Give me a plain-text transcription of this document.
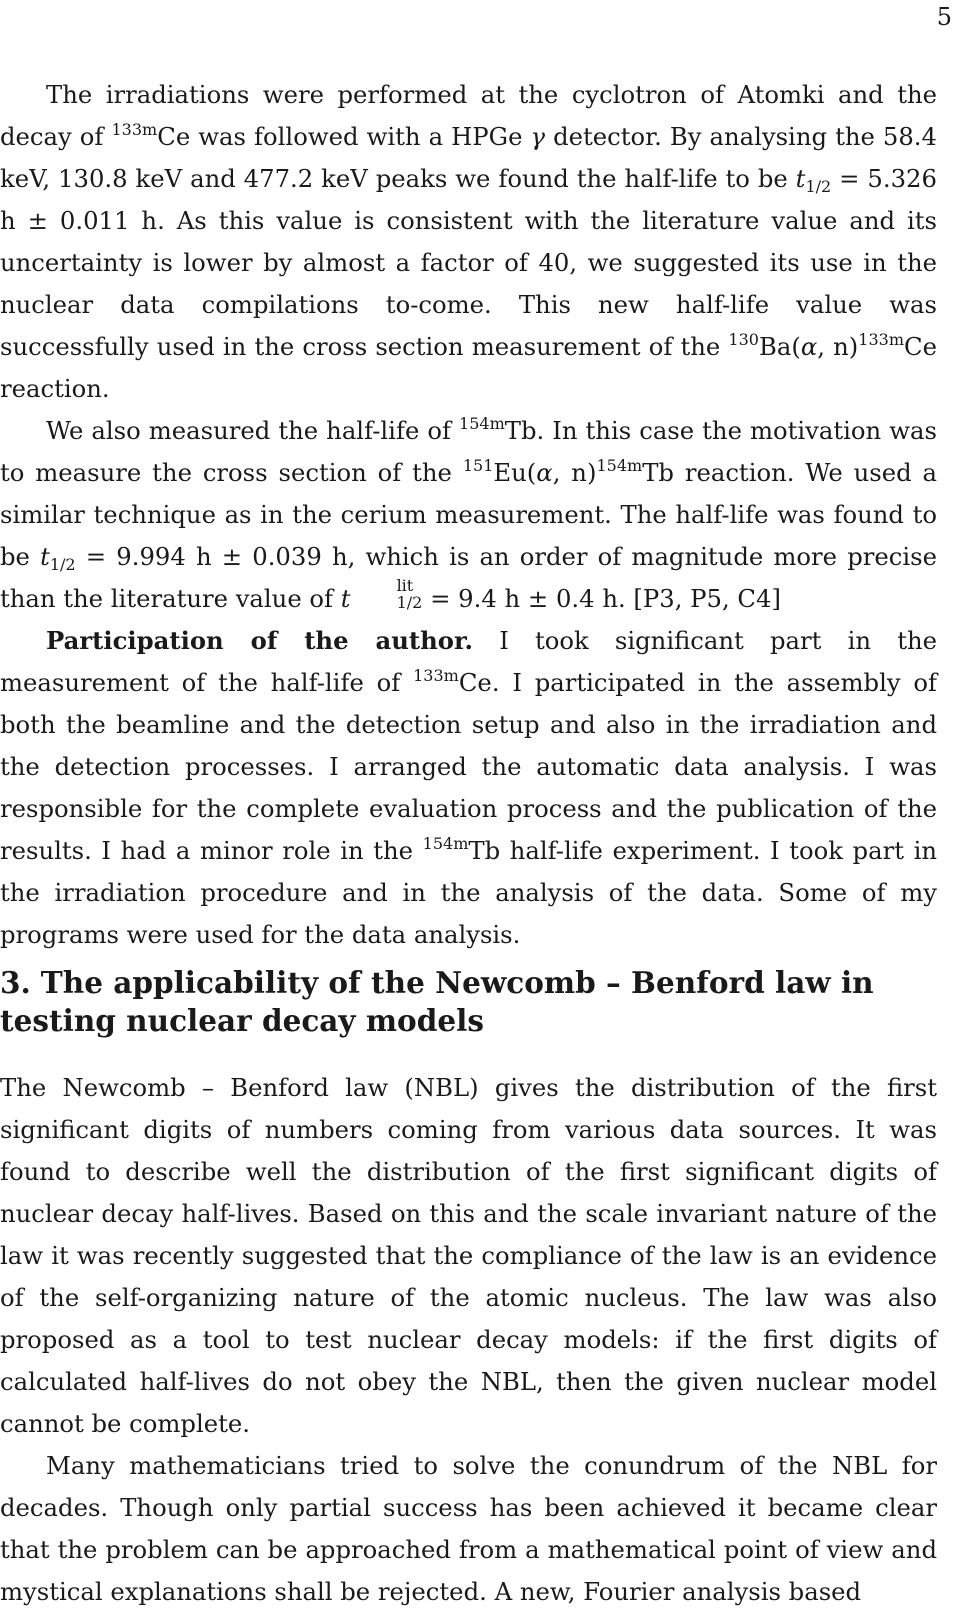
5

The irradiations were performed at the cyclotron of Atomki and the decay of $^{133m}$Ce was followed with a HPGe γ detector. By analysing the 58.4 keV, 130.8 keV and 477.2 keV peaks we found the half-life to be $t_{1/2} = 5.326$ h ± 0.011 h. As this value is consistent with the literature value and its uncertainty is lower by almost a factor of 40, we suggested its use in the nuclear data compilations to-come. This new half-life value was successfully used in the cross section measurement of the $^{130}$Ba(α, n)$^{133m}$Ce reaction.

We also measured the half-life of $^{154m}$Tb. In this case the motivation was to measure the cross section of the $^{151}$Eu(α, n)$^{154m}$Tb reaction. We used a similar technique as in the cerium measurement. The half-life was found to be $t_{1/2} = 9.994$ h ± 0.039 h, which is an order of magnitude more precise than the literature value of t	lit
1/2 = 9.4 h ± 0.4 h. [P3, P5, C4]

Participation of the author. I took significant part in the measurement of the half-life of $^{133m}$Ce. I participated in the assembly of both the beamline and the detection setup and also in the irradiation and the detection processes. I arranged the automatic data analysis. I was responsible for the complete evaluation process and the publication of the results. I had a minor role in the $^{154m}$Tb half-life experiment. I took part in the irradiation procedure and in the analysis of the data. Some of my programs were used for the data analysis.

3. The applicability of the Newcomb – Benford law in testing nuclear decay models

The Newcomb – Benford law (NBL) gives the distribution of the first significant digits of numbers coming from various data sources. It was found to describe well the distribution of the first significant digits of nuclear decay half-lives. Based on this and the scale invariant nature of the law it was recently suggested that the compliance of the law is an evidence of the self-organizing nature of the atomic nucleus. The law was also proposed as a tool to test nuclear decay models: if the first digits of calculated half-lives do not obey the NBL, then the given nuclear model cannot be complete.

Many mathematicians tried to solve the conundrum of the NBL for decades. Though only partial success has been achieved it became clear that the problem can be approached from a mathematical point of view and mystical explanations shall be rejected. A new, Fourier analysis based
